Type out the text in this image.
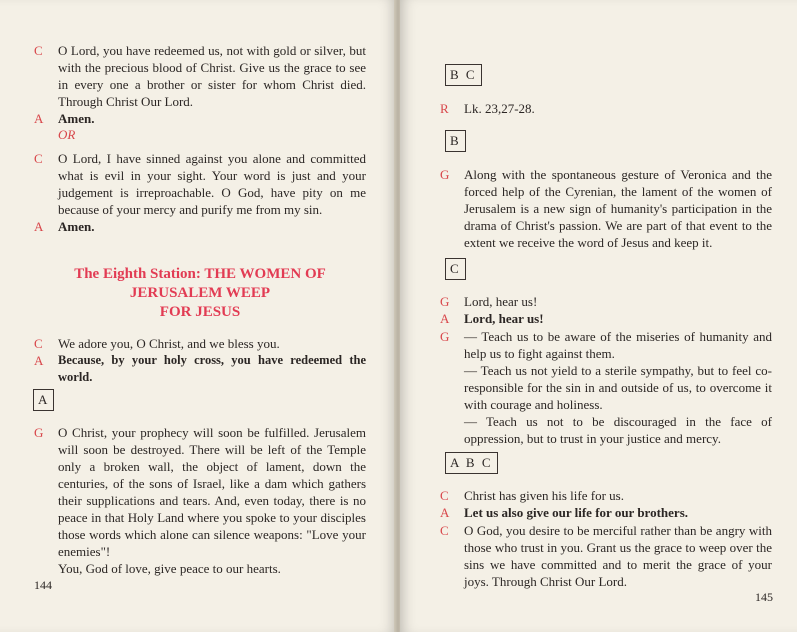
C	O Lord, you have redeemed us, not with gold or silver, but with the precious blood of Christ. Give us the grace to see in every one a brother or sister for whom Christ died. Through Christ Our Lord.
A	Amen.
OR
C	O Lord, I have sinned against you alone and committed what is evil in your sight. Your word is just and your judgement is irreproachable. O God, have pity on me because of your mercy and purify me from my sin.
A	Amen.
The Eighth Station: THE WOMEN OF
JERUSALEM WEEP
FOR JESUS
C	We adore you, O Christ, and we bless you.
A	Because, by your holy cross, you have redeemed the world.
A
G	O Christ, your prophecy will soon be fulfilled. Jerusalem will soon be destroyed. There will be left of the Temple only a broken wall, the object of lament, down the centuries, of the sons of Israel, like a dam which gathers their supplications and tears. And, even today, there is no peace in that Holy Land where you spoke to your disciples those words which alone can silence weapons: "Love your enemies"!
You, God of love, give peace to our hearts.
144
B C
R	Lk. 23,27-28.
B
G	Along with the spontaneous gesture of Veronica and the forced help of the Cyrenian, the lament of the women of Jerusalem is a new sign of humanity's participation in the drama of Christ's passion. We are part of that event to the extent we receive the word of Jesus and keep it.
C
G	Lord, hear us!
A	Lord, hear us!
G	— Teach us to be aware of the miseries of humanity and help us to fight against them.
— Teach us not yield to a sterile sympathy, but to feel co-responsible for the sin in and outside of us, to overcome it with courage and holiness.
— Teach us not to be discouraged in the face of oppression, but to trust in your justice and mercy.
A B C
C	Christ has given his life for us.
A	Let us also give our life for our brothers.
C	O God, you desire to be merciful rather than be angry with those who trust in you. Grant us the grace to weep over the sins we have committed and to merit the grace of your joys. Through Christ Our Lord.
145
